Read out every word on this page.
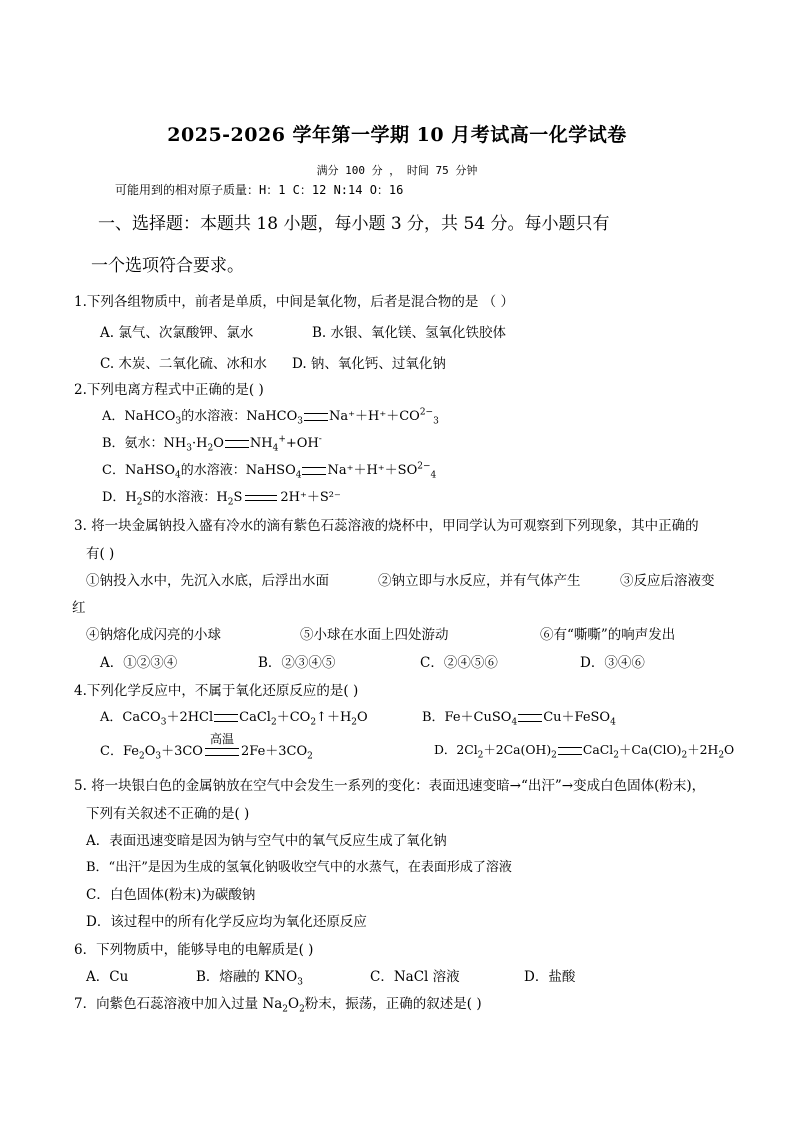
2025-2026 学年第一学期 10 月考试高一化学试卷
满分 100 分 ， 时间 75 分钟
可能用到的相对原子质量：H：1 C：12 N:14 O：16
一、选择题：本题共 18 小题，每小题 3 分，共 54 分。每小题只有
一个选项符合要求。
1.下列各组物质中，前者是单质，中间是氧化物，后者是混合物的是 （ ）
A. 氯气、次氯酸钾、氯水	B. 水银、氧化镁、氢氧化铁胶体
C. 木炭、二氧化硫、冰和水 D. 钠、氧化钙、过氧化钠
2.下列电离方程式中正确的是( )
A．NaHCO$_3$的水溶液：NaHCO$_3$ $Na^++H^++CO^{2-}_3$
B．氨水：$NH_3\cdot H_2O$ $NH_4^++OH^-$
C．NaHSO$_4$的水溶液：NaHSO$_4$ $Na^++H^++SO^{2-}_4$
D．$H_2S$的水溶液：$H_2S$	2H⁺＋S²⁻
3. 将一块金属钠投入盛有冷水的滴有紫色石蕊溶液的烧杯中，甲同学认为可观察到下列现象，其中正确的
有( )
①钠投入水中，先沉入水底，后浮出水面	②钠立即与水反应，并有气体产生	③反应后溶液变
红
④钠熔化成闪亮的小球	⑤小球在水面上四处游动	⑥有“嘶嘶”的响声发出
A．①②③④	B．②③④⑤	C．②④⑤⑥	D．③④⑥
4.下列化学反应中，不属于氧化还原反应的是( )
A．CaCO$_3$＋2HCl $CaCl_2+CO_2↑+H_2O$	B．Fe＋CuSO$_4$ Cu＋FeSO$_4$
C．$Fe_2O_3+3CO$
高温
$2Fe+3CO_2$	D．$2Cl_2+2Ca(OH)_2$ $CaCl_2+Ca(ClO)_2+2H_2O$
5. 将一块银白色的金属钠放在空气中会发生一系列的变化：表面迅速变暗→“出汗”→变成白色固体(粉末)，
下列有关叙述不正确的是( )
A．表面迅速变暗是因为钠与空气中的氧气反应生成了氧化钠
B．“出汗”是因为生成的氢氧化钠吸收空气中的水蒸气，在表面形成了溶液
C．白色固体(粉末)为碳酸钠
D．该过程中的所有化学反应均为氧化还原反应
6．下列物质中，能够导电的电解质是( )
A．Cu	B．熔融的 $KNO_3$	C．NaCl 溶液	D．盐酸
7．向紫色石蕊溶液中加入过量 $Na_2O_2$粉末，振荡，正确的叙述是( )
